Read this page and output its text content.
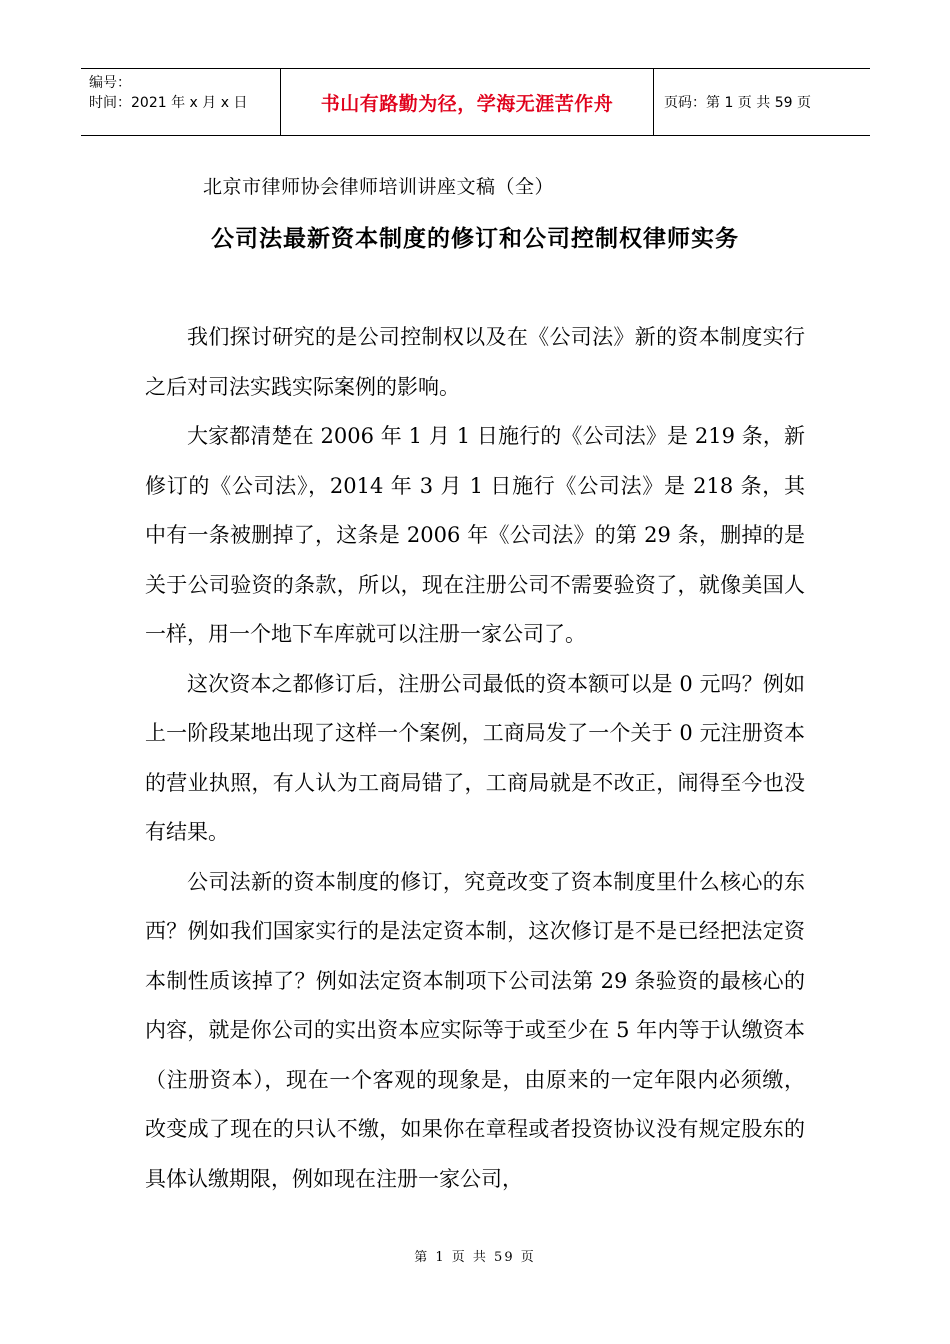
编号：
时间：2021 年 x 月 x 日	书山有路勤为径，学海无涯苦作舟	页码：第 1 页 共 59 页
北京市律师协会律师培训讲座文稿（全）
公司法最新资本制度的修订和公司控制权律师实务

我们探讨研究的是公司控制权以及在《公司法》新的资本制度实行之后对司法实践实际案例的影响。

大家都清楚在 2006 年 1 月 1 日施行的《公司法》是 219 条，新修订的《公司法》，2014 年 3 月 1 日施行《公司法》是 218 条，其中有一条被删掉了，这条是 2006 年《公司法》的第 29 条，删掉的是关于公司验资的条款，所以，现在注册公司不需要验资了，就像美国人一样，用一个地下车库就可以注册一家公司了。

这次资本之都修订后，注册公司最低的资本额可以是 0 元吗？例如上一阶段某地出现了这样一个案例，工商局发了一个关于 0 元注册资本的营业执照，有人认为工商局错了，工商局就是不改正，闹得至今也没有结果。

公司法新的资本制度的修订，究竟改变了资本制度里什么核心的东西？例如我们国家实行的是法定资本制，这次修订是不是已经把法定资本制性质该掉了？例如法定资本制项下公司法第 29 条验资的最核心的内容，就是你公司的实出资本应实际等于或至少在 5 年内等于认缴资本（注册资本），现在一个客观的现象是，由原来的一定年限内必须缴，改变成了现在的只认不缴，如果你在章程或者投资协议没有规定股东的具体认缴期限，例如现在注册一家公司，

第 1 页 共 59 页
